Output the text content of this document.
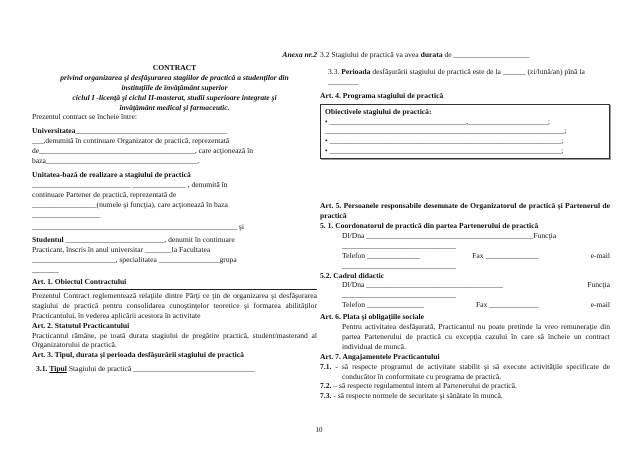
Anexa nr.2

CONTRACT

privind organizarea şi desfăşurarea stagiilor de practică a studenţilor din

instituţiile de învăţământ superior

ciclul I -licenţă şi ciclul II-masterat, studii superioare integrate şi

învăţământ medical şi farmaceutic.

Prezentul contract se încheie între:

Universitatea________________________________________

___,denumită în continuare Organizator de practică, reprezentată

de_________________________________________, care acţionează în

baza________________________________________.

Unitatea-bază de realizare a stagiului de practică

__________________________ ______________ , denumită în

continuare Partener de practică, reprezentată de

_________________(numele şi funcţia), care acţionează în baza

__________________

______________________________________________________ şi

Studentul __________________________, denumit în continuare

Practicant, înscris în anul universitar _______la Facultatea

______________________, specialitatea ________________grupa

_______

Art. 1. Obiectul Contractului

Prezentul Contract reglementează relaţiile dintre Părţi ce ţin de organizarea şi desfăşurarea stagiului de practică pentru consolidarea cunoştinţelor teoretice şi formarea abilităţilor Practicantului, în vederea aplicării acestora în activitate

Art. 2. Statutul Practicantului

Practicantul rămâne, pe toată durata stagiului de pregătire practică, student/masterand al Organizatorului de practică.

Art. 3. Tipul, durata şi perioada desfăşurării stagiului de practică

3.1. Tipul Stagiului de practică ________________________________

3.2 Stagiului de practică va avea durata de ____________________

3.3. Perioada desfăşurării stagiului de practică este de la ______ (zi/lună/an) pînă la ________

Art. 4. Programa stagiului de practică

Obiectivele stagiului de practică:

• ____________________________________,_____________________;

_______________________________________________________________;

• _____________________________________________________________;

• _____________________________________________________________;

Art. 5. Persoanele responsabile desemnate de Organizatorul de practică şi Partenerul de practică

5. 1. Coordonatorul de practică din partea Partenerului de practică

Dl/Dna ____________________________________________Funcţia

______________________________

Telefon ______________	Fax ______________	e-mail

______________________________

5.2. Cadrul didactic

Dl/Dna ____________________________________	Funcţia

______________________________

Telefon _______________	Fax _____________	e-mail

Art. 6. Plata şi obligaţiile sociale

Pentru activitatea desfăşurată, Practicantul nu poate pretinde la vreo remuneraţie din partea Partenerului de practică cu excepţia cazului în care să încheie un contract individual de muncă.

Art. 7. Angajamentele Practicantului

7.1. - să respecte programul de activitate stabilit şi să execute activităţile specificate de conducător în conformitate cu programa de practică.

7.2. – să respecte regulamentul intern al Partenerului de practică.

7.3. - să respecte normele de securitate şi sănătate în muncă.

10
